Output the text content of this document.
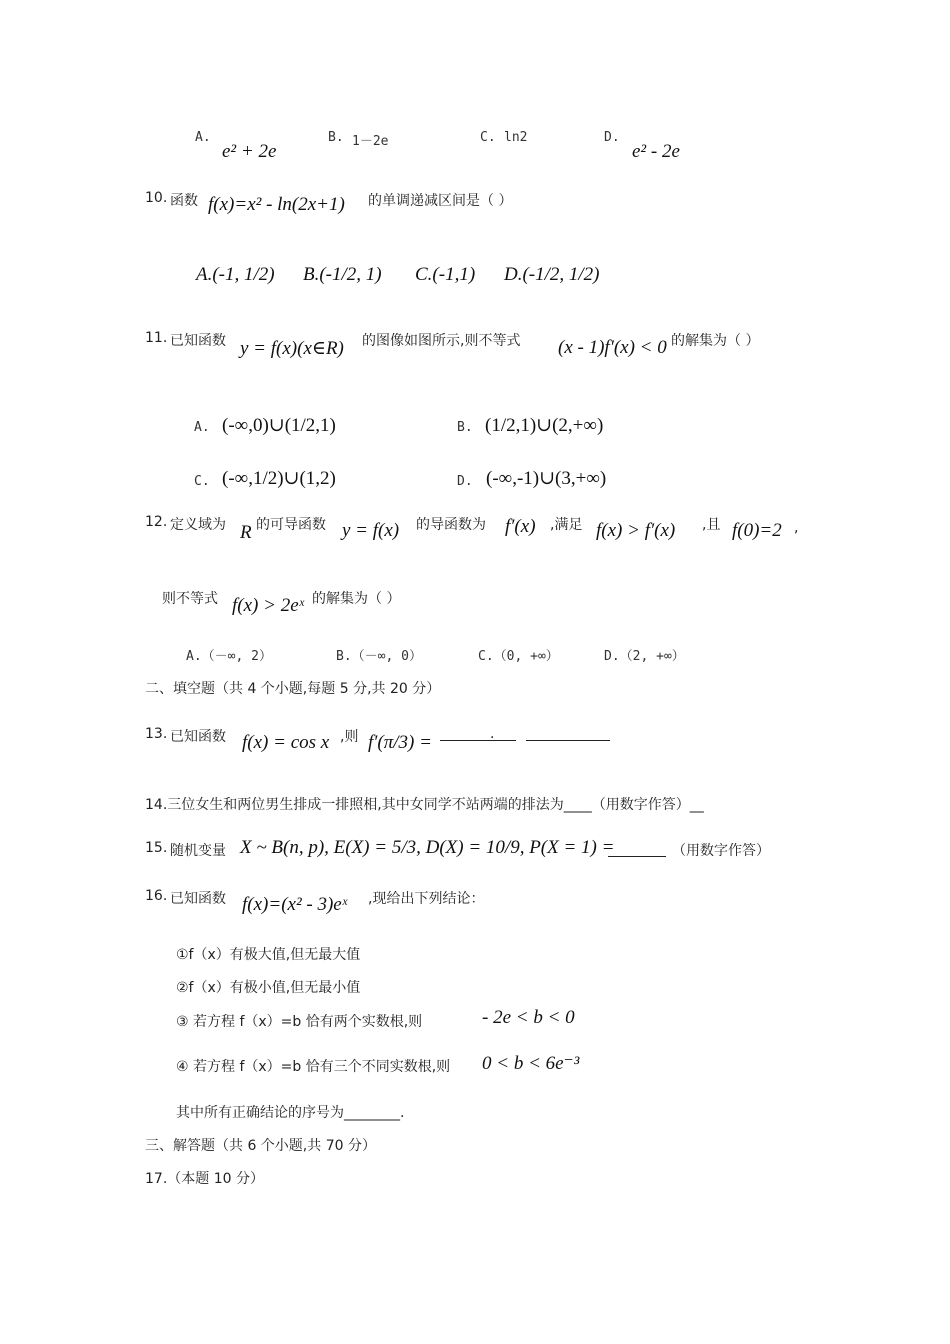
A.
e² + 2e
B. 1－2e	C. ln2	D.
e² - 2e
10. 函数 f(x)=x² - ln(2x+1) 的单调递减区间是（ ）
A.(-1, 1/2) B.(-1/2, 1) C.(-1,1) D.(-1/2, 1/2)
11. 已知函数 y = f(x)(x∈R) 的图像如图所示,则不等式 (x - 1)f′(x) < 0 的解集为（ ）
A. (-∞,0)∪(1/2,1)	B. (1/2,1)∪(2,+∞)
C. (-∞,1/2)∪(1,2)	D. (-∞,-1)∪(3,+∞)
12. 定义域为 R 的可导函数 y = f(x) 的导函数为 f′(x) ,满足 f(x) > f′(x) ,且 f(0)=2 ,
则不等式 f(x) > 2eˣ 的解集为（ ）
A.（－∞, 2）	B.（－∞, 0）	C.（0, +∞）	D.（2, +∞）
二、填空题（共 4 个小题,每题 5 分,共 20 分）
13. 已知函数 f(x) = cos x ,则 f′(π/3) =	.
14.三位女生和两位男生排成一排照相,其中女同学不站两端的排法为____（用数字作答）__
15. 随机变量 X ~ B(n, p), E(X) = 5/3, D(X) = 10/9, P(X = 1) =	（用数字作答）
16. 已知函数 f(x)=(x² - 3)eˣ ,现给出下列结论：
①f（x）有极大值,但无最大值
②f（x）有极小值,但无最小值
③ 若方程 f（x）=b 恰有两个实数根,则	- 2e < b < 0
④ 若方程 f（x）=b 恰有三个不同实数根,则 0 < b < 6e⁻³
其中所有正确结论的序号为________.
三、解答题（共 6 个小题,共 70 分）
17.（本题 10 分）
